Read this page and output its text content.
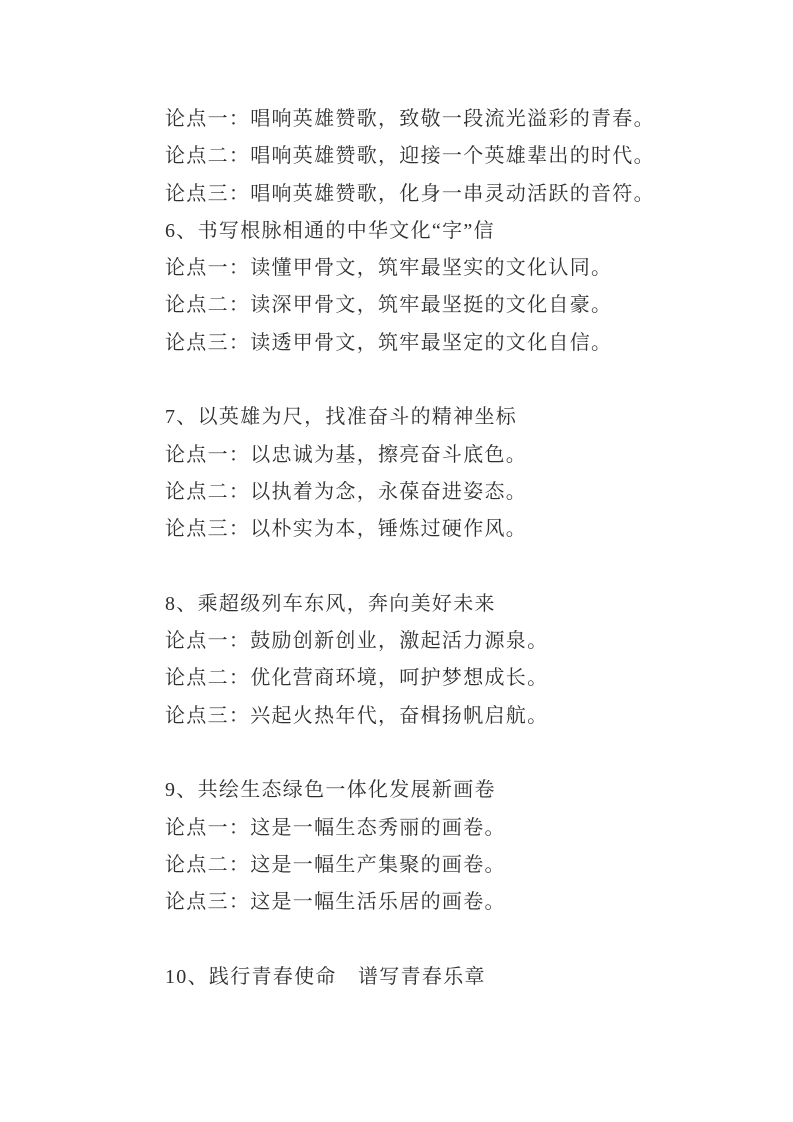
论点一：唱响英雄赞歌，致敬一段流光溢彩的青春。
论点二：唱响英雄赞歌，迎接一个英雄辈出的时代。
论点三：唱响英雄赞歌，化身一串灵动活跃的音符。
6、书写根脉相通的中华文化“字”信
论点一：读懂甲骨文，筑牢最坚实的文化认同。
论点二：读深甲骨文，筑牢最坚挺的文化自豪。
论点三：读透甲骨文，筑牢最坚定的文化自信。
7、以英雄为尺，找准奋斗的精神坐标
论点一：以忠诚为基，擦亮奋斗底色。
论点二：以执着为念，永葆奋进姿态。
论点三：以朴实为本，锤炼过硬作风。
8、乘超级列车东风，奔向美好未来
论点一：鼓励创新创业，激起活力源泉。
论点二：优化营商环境，呵护梦想成长。
论点三：兴起火热年代，奋楫扬帆启航。
9、共绘生态绿色一体化发展新画卷
论点一：这是一幅生态秀丽的画卷。
论点二：这是一幅生产集聚的画卷。
论点三：这是一幅生活乐居的画卷。
10、践行青春使命　谱写青春乐章
